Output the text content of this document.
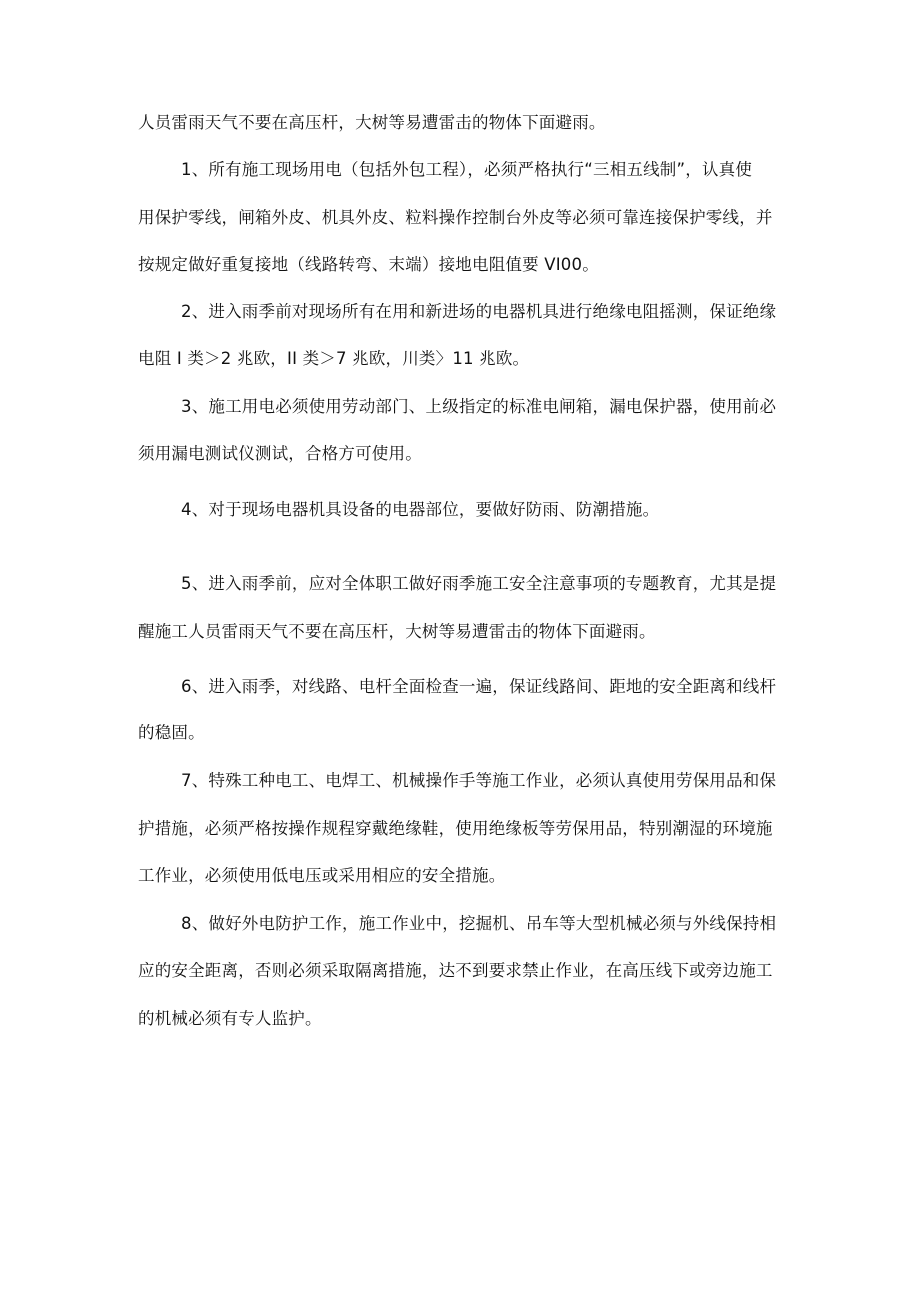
人员雷雨天气不要在高压杆，大树等易遭雷击的物体下面避雨。
1、所有施工现场用电（包括外包工程），必须严格执行“三相五线制”，认真使
用保护零线，闸箱外皮、机具外皮、粒料操作控制台外皮等必须可靠连接保护零线，并
按规定做好重复接地（线路转弯、末端）接地电阻值要 VI00。
2、进入雨季前对现场所有在用和新进场的电器机具进行绝缘电阻摇测，保证绝缘
电阻 I 类＞2 兆欧，II 类＞7 兆欧，川类〉11 兆欧。
3、施工用电必须使用劳动部门、上级指定的标准电闸箱，漏电保护器，使用前必
须用漏电测试仪测试，合格方可使用。
4、对于现场电器机具设备的电器部位，要做好防雨、防潮措施。
5、进入雨季前，应对全体职工做好雨季施工安全注意事项的专题教育，尤其是提
醒施工人员雷雨天气不要在高压杆，大树等易遭雷击的物体下面避雨。
6、进入雨季，对线路、电杆全面检查一遍，保证线路间、距地的安全距离和线杆
的稳固。
7、特殊工种电工、电焊工、机械操作手等施工作业，必须认真使用劳保用品和保
护措施，必须严格按操作规程穿戴绝缘鞋，使用绝缘板等劳保用品，特别潮湿的环境施
工作业，必须使用低电压或采用相应的安全措施。
8、做好外电防护工作，施工作业中，挖掘机、吊车等大型机械必须与外线保持相
应的安全距离，否则必须采取隔离措施，达不到要求禁止作业，在高压线下或旁边施工
的机械必须有专人监护。
